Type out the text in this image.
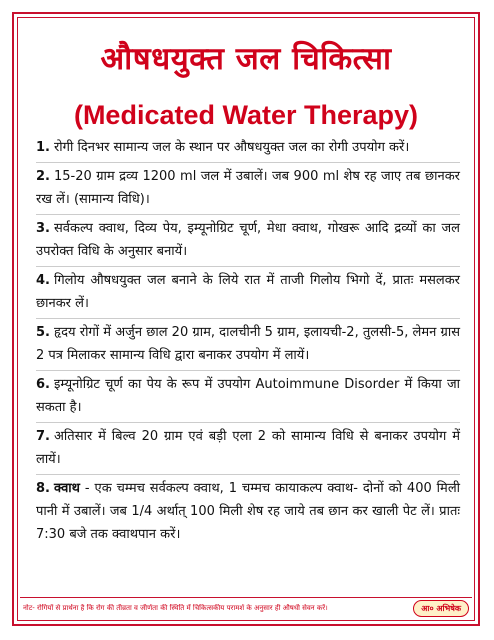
औषधयुक्त जल चिकित्सा
(Medicated Water Therapy)
1. रोगी दिनभर सामान्य जल के स्थान पर औषधयुक्त जल का रोगी उपयोग करें।
2. 15-20 ग्राम द्रव्य 1200 ml जल में उबालें। जब 900 ml शेष रह जाए तब छानकर रख लें। (सामान्य विधि)।
3. सर्वकल्प क्वाथ, दिव्य पेय, इम्यूनोग्रिट चूर्ण, मेधा क्वाथ, गोखरू आदि द्रव्यों का जल उपरोक्त विधि के अनुसार बनायें।
4. गिलोय औषधयुक्त जल बनाने के लिये रात में ताजी गिलोय भिगो दें, प्रातः मसलकर छानकर लें।
5. हृदय रोगों में अर्जुन छाल 20 ग्राम, दालचीनी 5 ग्राम, इलायची-2, तुलसी-5, लेमन ग्रास 2 पत्र मिलाकर सामान्य विधि द्वारा बनाकर उपयोग में लायें।
6. इम्यूनोग्रिट चूर्ण का पेय के रूप में उपयोग Autoimmune Disorder में किया जा सकता है।
7. अतिसार में बिल्व 20 ग्राम एवं बड़ी एला 2 को सामान्य विधि से बनाकर उपयोग में लायें।
8. क्वाथ - एक चम्मच सर्वकल्प क्वाथ, 1 चम्मच कायाकल्प क्वाथ- दोनों को 400 मिली पानी में उबालें। जब 1/4 अर्थात् 100 मिली शेष रह जाये तब छान कर खाली पेट लें। प्रातः 7:30 बजे तक क्वाथपान करें।
नोट- रोगियों से प्रार्थना है कि रोग की तीव्रता व जीर्णता की स्थिति में चिकित्सकीय परामर्श के अनुसार ही औषधी सेवन करें।	आ० अभिषेक
